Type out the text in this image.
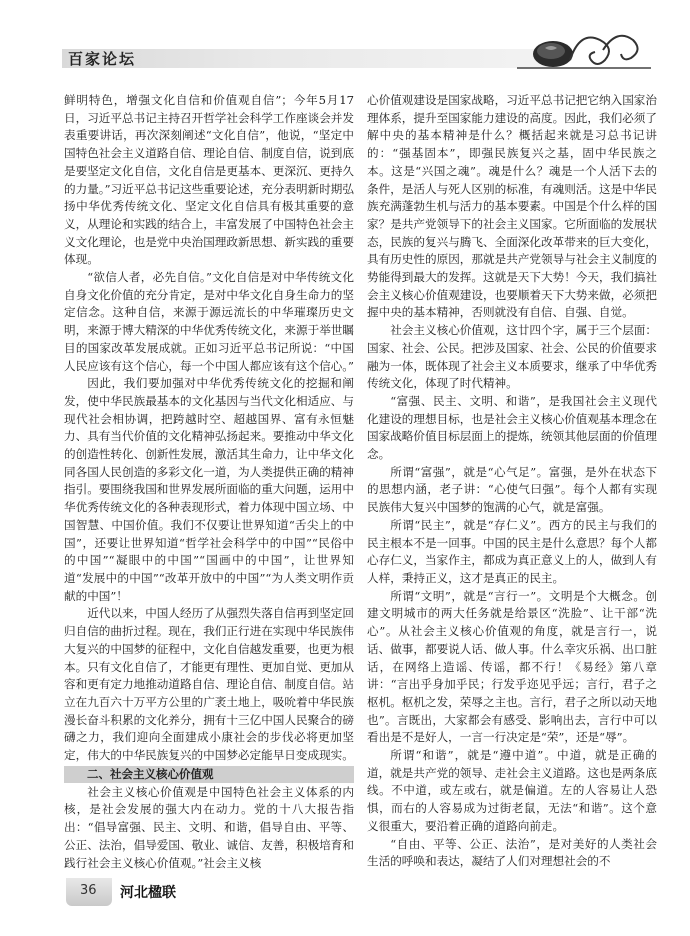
百家论坛

鲜明特色，增强文化自信和价值观自信”；今年5月17日，习近平总书记主持召开哲学社会科学工作座谈会并发表重要讲话，再次深刻阐述“文化自信”，他说，“坚定中国特色社会主义道路自信、理论自信、制度自信，说到底是要坚定文化自信，文化自信是更基本、更深沉、更持久的力量。”习近平总书记这些重要论述，充分表明新时期弘扬中华优秀传统文化、坚定文化自信具有极其重要的意义，从理论和实践的结合上，丰富发展了中国特色社会主义文化理论，也是党中央治国理政新思想、新实践的重要体现。

“欲信人者，必先自信。”文化自信是对中华传统文化自身文化价值的充分肯定，是对中华文化自身生命力的坚定信念。这种自信，来源于源远流长的中华璀璨历史文明，来源于博大精深的中华优秀传统文化，来源于举世瞩目的国家改革发展成就。正如习近平总书记所说：“中国人民应该有这个信心，每一个中国人都应该有这个信心。”

因此，我们要加强对中华优秀传统文化的挖掘和阐发，使中华民族最基本的文化基因与当代文化相适应、与现代社会相协调，把跨越时空、超越国界、富有永恒魅力、具有当代价值的文化精神弘扬起来。要推动中华文化的创造性转化、创新性发展，激活其生命力，让中华文化同各国人民创造的多彩文化一道，为人类提供正确的精神指引。要围绕我国和世界发展所面临的重大问题，运用中华优秀传统文化的各种表现形式，着力体现中国立场、中国智慧、中国价值。我们不仅要让世界知道“舌尖上的中国”，还要让世界知道“哲学社会科学中的中国”“民俗中的中国”“凝眼中的中国”“国画中的中国”，让世界知道“发展中的中国”“改革开放中的中国”“为人类文明作贡献的中国”！

近代以来，中国人经历了从强烈失落自信再到坚定回归自信的曲折过程。现在，我们正行进在实现中华民族伟大复兴的中国梦的征程中，文化自信越发重要，也更为根本。只有文化自信了，才能更有理性、更加自觉、更加从容和更有定力地推动道路自信、理论自信、制度自信。站立在九百六十万平方公里的广袤土地上，吸吮着中华民族漫长奋斗积累的文化养分，拥有十三亿中国人民聚合的磅礴之力，我们迎向全面建成小康社会的步伐必将更加坚定，伟大的中华民族复兴的中国梦必定能早日变成现实。

二、社会主义核心价值观

社会主义核心价值观是中国特色社会主义体系的内核，是社会发展的强大内在动力。党的十八大报告指出：“倡导富强、民主、文明、和谐，倡导自由、平等、公正、法治，倡导爱国、敬业、诚信、友善，积极培育和践行社会主义核心价值观。”社会主义核

心价值观建设是国家战略，习近平总书记把它纳入国家治理体系，提升至国家能力建设的高度。因此，我们必须了解中央的基本精神是什么？概括起来就是习总书记讲的：“强基固本”，即强民族复兴之基，固中华民族之本。这是“兴国之魂”。魂是什么？魂是一个人活下去的条件，是活人与死人区别的标准，有魂则活。这是中华民族充满蓬勃生机与活力的基本要素。中国是个什么样的国家？是共产党领导下的社会主义国家。它所面临的发展状态，民族的复兴与腾飞、全面深化改革带来的巨大变化，具有历史性的原因，那就是共产党领导与社会主义制度的势能得到最大的发挥。这就是天下大势！今天，我们搞社会主义核心价值观建设，也要顺着天下大势来做，必须把握中央的基本精神，否则就没有自信、自强、自觉。

社会主义核心价值观，这廿四个字，属于三个层面：国家、社会、公民。把涉及国家、社会、公民的价值要求融为一体，既体现了社会主义本质要求，继承了中华优秀传统文化，体现了时代精神。

“富强、民主、文明、和谐”，是我国社会主义现代化建设的理想目标，也是社会主义核心价值观基本理念在国家战略价值目标层面上的提炼，统领其他层面的价值理念。

所谓“富强”，就是“心气足”。富强，是外在状态下的思想内涵，老子讲：“心使气曰强”。每个人都有实现民族伟大复兴中国梦的饱满的心气，就是富强。

所谓“民主”，就是“存仁义”。西方的民主与我们的民主根本不是一回事。中国的民主是什么意思？每个人都心存仁义，当家作主，都成为真正意义上的人，做到人有人样，秉持正义，这才是真正的民主。

所谓“文明”，就是“言行一”。文明是个大概念。创建文明城市的两大任务就是给景区“洗脸”、让干部“洗心”。从社会主义核心价值观的角度，就是言行一，说话、做事，都要说人话、做人事。什么幸灾乐祸、出口脏话，在网络上造谣、传谣，都不行！《易经》第八章讲：“言出乎身加乎民；行发乎迩见乎远；言行，君子之枢机。枢机之发，荣辱之主也。言行，君子之所以动天地也”。言既出，大家都会有感受、影响出去，言行中可以看出是不是好人，一言一行决定是“荣”，还是“辱”。

所谓“和谐”，就是“遵中道”。中道，就是正确的道，就是共产党的领导、走社会主义道路。这也是两条底线。不中道，或左或右，就是偏道。左的人容易让人恐惧，而右的人容易成为过街老鼠，无法“和谐”。这个意义很重大，要沿着正确的道路向前走。

“自由、平等、公正、法治”，是对美好的人类社会生活的呼唤和表达，凝结了人们对理想社会的不

36 河北楹联
